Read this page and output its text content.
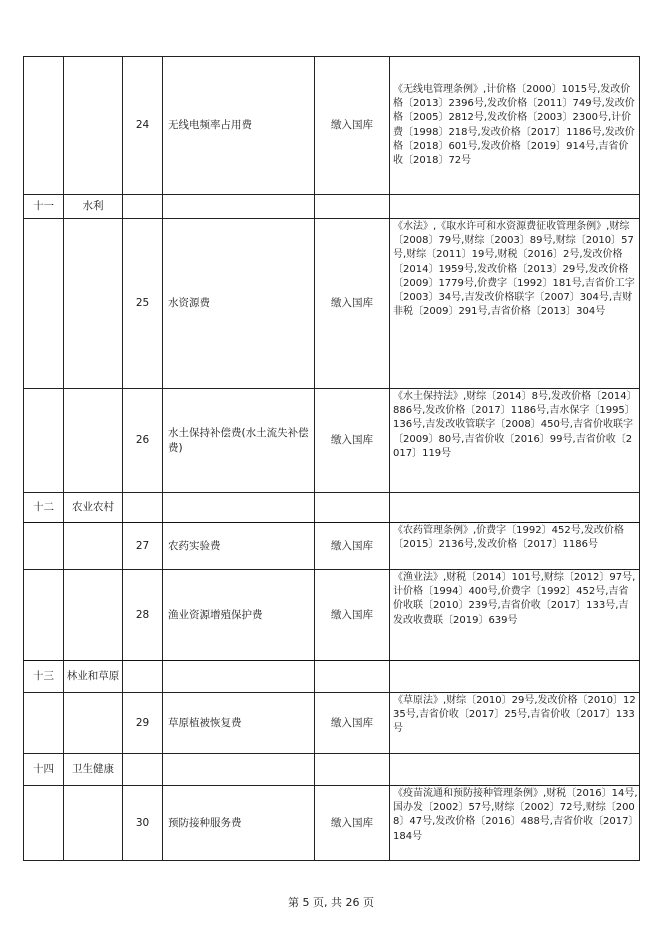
		24	无线电频率占用费	缴入国库	《无线电管理条例》,计价格〔2000〕1015号,发改价格〔2013〕2396号,发改价格〔2011〕749号,发改价格〔2005〕2812号,发改价格〔2003〕2300号,计价费〔1998〕218号,发改价格〔2017〕1186号,发改价格〔2018〕601号,发改价格〔2019〕914号,吉省价收〔2018〕72号
十一	水利				
		25	水资源费	缴入国库	《水法》,《取水许可和水资源费征收管理条例》,财综〔2008〕79号,财综〔2003〕89号,财综〔2010〕57号,财综〔2011〕19号,财税〔2016〕2号,发改价格〔2014〕1959号,发改价格〔2013〕29号,发改价格〔2009〕1779号,价费字〔1992〕181号,吉省价工字〔2003〕34号,吉发改价格联字〔2007〕304号,吉财非税〔2009〕291号,吉省价格〔2013〕304号
		26	水土保持补偿费(水土流失补偿费)	缴入国库	《水土保持法》,财综〔2014〕8号,发改价格〔2014〕886号,发改价格〔2017〕1186号,吉水保字〔1995〕136号,吉发改收管联字〔2008〕450号,吉省价收联字〔2009〕80号,吉省价收〔2016〕99号,吉省价收〔2017〕119号
十二	农业农村				
		27	农药实验费	缴入国库	《农药管理条例》,价费字〔1992〕452号,发改价格〔2015〕2136号,发改价格〔2017〕1186号
		28	渔业资源增殖保护费	缴入国库	《渔业法》,财税〔2014〕101号,财综〔2012〕97号,计价格〔1994〕400号,价费字〔1992〕452号,吉省价收联〔2010〕239号,吉省价收〔2017〕133号,吉发改收费联〔2019〕639号
十三	林业和草原				
		29	草原植被恢复费	缴入国库	《草原法》,财综〔2010〕29号,发改价格〔2010〕1235号,吉省价收〔2017〕25号,吉省价收〔2017〕133号
十四	卫生健康				
		30	预防接种服务费	缴入国库	《疫苗流通和预防接种管理条例》,财税〔2016〕14号,国办发〔2002〕57号,财综〔2002〕72号,财综〔2008〕47号,发改价格〔2016〕488号,吉省价收〔2017〕184号
第 5 页, 共 26 页
